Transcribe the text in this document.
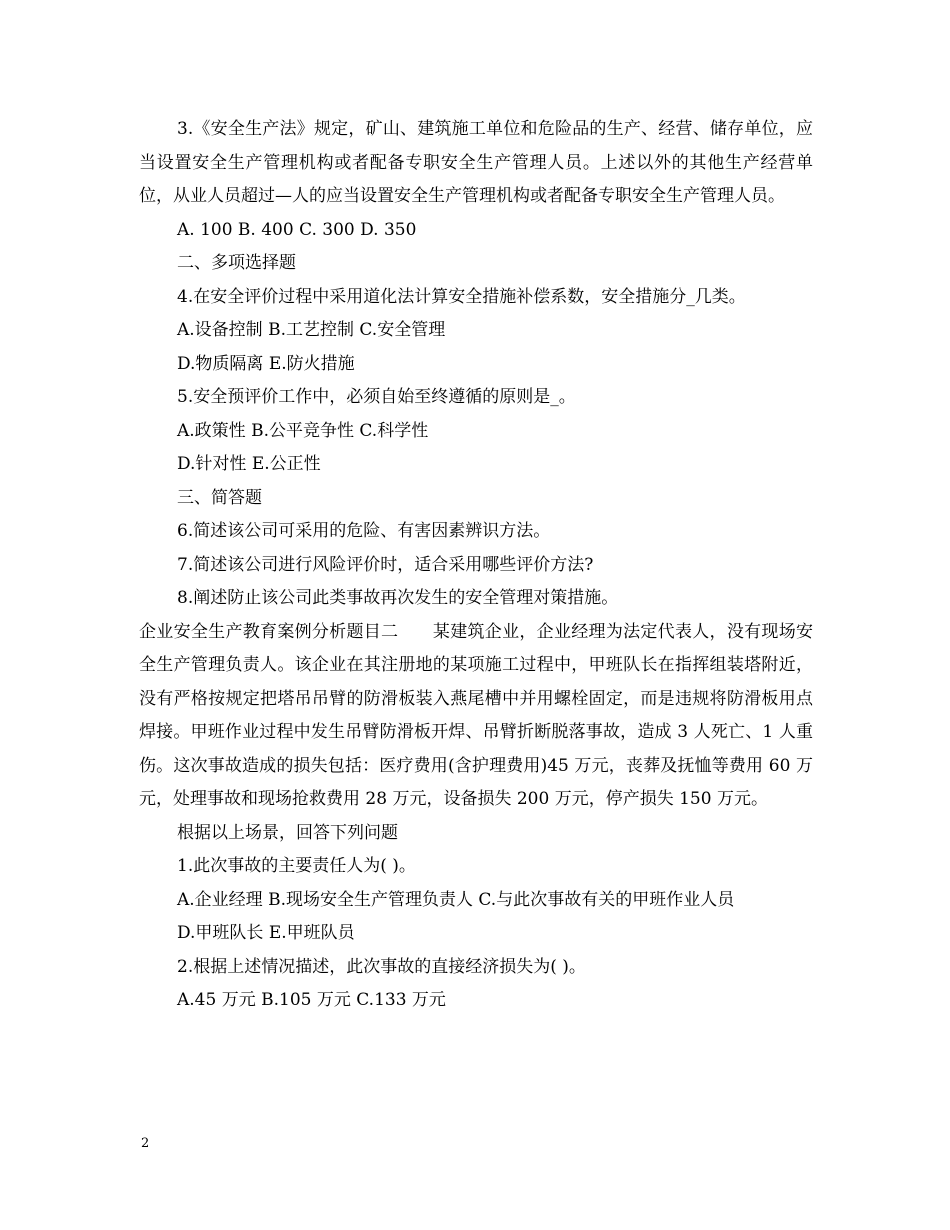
3.《安全生产法》规定，矿山、建筑施工单位和危险品的生产、经营、储存单位，应当设置安全生产管理机构或者配备专职安全生产管理人员。上述以外的其他生产经营单位，从业人员超过—人的应当设置安全生产管理机构或者配备专职安全生产管理人员。

A. 100 B. 400 C. 300 D. 350

二、多项选择题

4.在安全评价过程中采用道化法计算安全措施补偿系数，安全措施分_几类。

A.设备控制 B.工艺控制 C.安全管理

D.物质隔离 E.防火措施

5.安全预评价工作中，必须自始至终遵循的原则是_。

A.政策性 B.公平竞争性 C.科学性

D.针对性 E.公正性

三、简答题

6.简述该公司可采用的危险、有害因素辨识方法。

7.简述该公司进行风险评价时，适合采用哪些评价方法?

8.阐述防止该公司此类事故再次发生的安全管理对策措施。

企业安全生产教育案例分析题目二　　某建筑企业，企业经理为法定代表人，没有现场安全生产管理负责人。该企业在其注册地的某项施工过程中，甲班队长在指挥组装塔附近，没有严格按规定把塔吊吊臂的防滑板装入燕尾槽中并用螺栓固定，而是违规将防滑板用点焊接。甲班作业过程中发生吊臂防滑板开焊、吊臂折断脱落事故，造成 3 人死亡、1 人重伤。这次事故造成的损失包括：医疗费用(含护理费用)45 万元，丧葬及抚恤等费用 60 万元，处理事故和现场抢救费用 28 万元，设备损失 200 万元，停产损失 150 万元。

根据以上场景，回答下列问题

1.此次事故的主要责任人为( )。

A.企业经理 B.现场安全生产管理负责人 C.与此次事故有关的甲班作业人员

D.甲班队长 E.甲班队员

2.根据上述情况描述，此次事故的直接经济损失为( )。

A.45 万元 B.105 万元 C.133 万元

2
